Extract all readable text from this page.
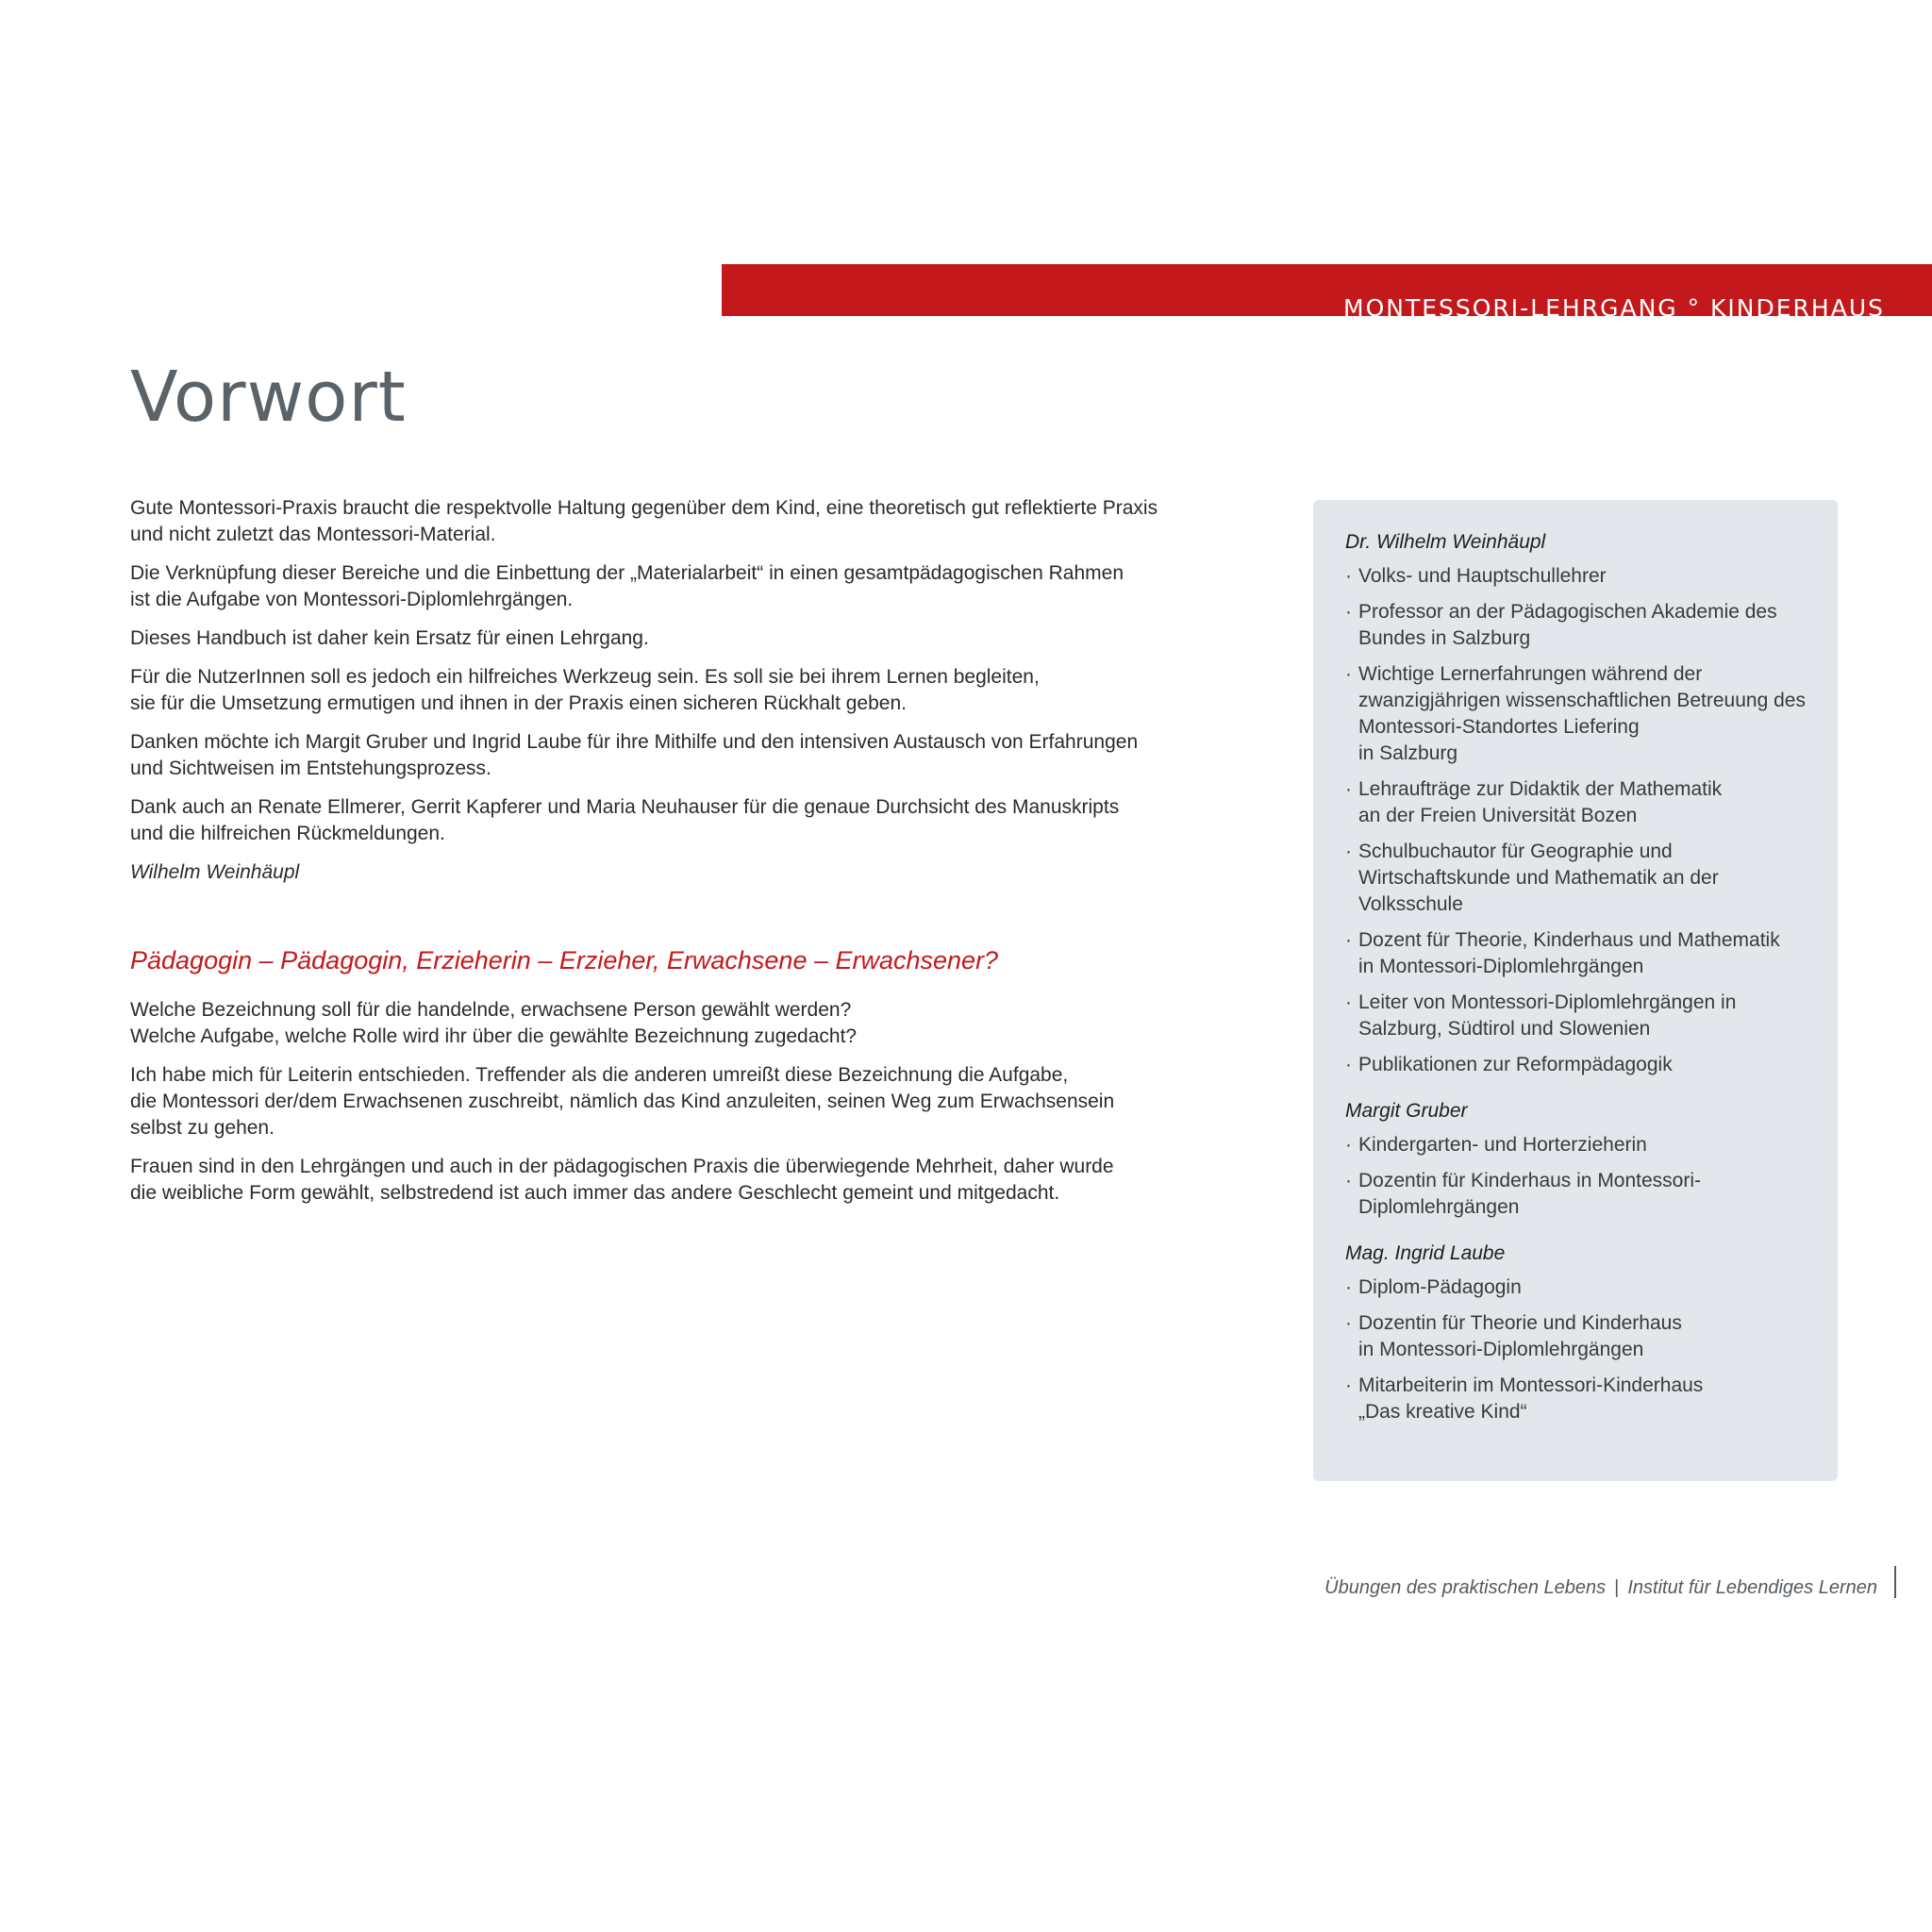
MONTESSORI-LEHRGANG ° KINDERHAUS
Vorwort

Gute Montessori-Praxis braucht die respektvolle Haltung gegenüber dem Kind, eine theoretisch gut reflektierte Praxis
und nicht zuletzt das Montessori-Material.

Die Verknüpfung dieser Bereiche und die Einbettung der „Materialarbeit“ in einen gesamtpädagogischen Rahmen
ist die Aufgabe von Montessori-Diplomlehrgängen.

Dieses Handbuch ist daher kein Ersatz für einen Lehrgang.

Für die NutzerInnen soll es jedoch ein hilfreiches Werkzeug sein. Es soll sie bei ihrem Lernen begleiten,
sie für die Umsetzung ermutigen und ihnen in der Praxis einen sicheren Rückhalt geben.

Danken möchte ich Margit Gruber und Ingrid Laube für ihre Mithilfe und den intensiven Austausch von Erfahrungen
und Sichtweisen im Entstehungsprozess.

Dank auch an Renate Ellmerer, Gerrit Kapferer und Maria Neuhauser für die genaue Durchsicht des Manuskripts
und die hilfreichen Rückmeldungen.

Wilhelm Weinhäupl

Pädagogin – Pädagogin, Erzieherin – Erzieher, Erwachsene – Erwachsener?

Welche Bezeichnung soll für die handelnde, erwachsene Person gewählt werden?
Welche Aufgabe, welche Rolle wird ihr über die gewählte Bezeichnung zugedacht?

Ich habe mich für Leiterin entschieden. Treffender als die anderen umreißt diese Bezeichnung die Aufgabe,
die Montessori der/dem Erwachsenen zuschreibt, nämlich das Kind anzuleiten, seinen Weg zum Erwachsensein
selbst zu gehen.

Frauen sind in den Lehrgängen und auch in der pädagogischen Praxis die überwiegende Mehrheit, daher wurde
die weibliche Form gewählt, selbstredend ist auch immer das andere Geschlecht gemeint und mitgedacht.

Dr. Wilhelm Weinhäupl

· Volks- und Hauptschullehrer
· Professor an der Pädagogischen Akademie des
Bundes in Salzburg
· Wichtige Lernerfahrungen während der
zwanzigjährigen wissenschaftlichen Betreuung des
Montessori-Standortes Liefering
in Salzburg
· Lehraufträge zur Didaktik der Mathematik
an der Freien Universität Bozen
· Schulbuchautor für Geographie und
Wirtschaftskunde und Mathematik an der
Volksschule
· Dozent für Theorie, Kinderhaus und Mathematik
in Montessori-Diplomlehrgängen
· Leiter von Montessori-Diplomlehrgängen in
Salzburg, Südtirol und Slowenien
· Publikationen zur Reformpädagogik

Margit Gruber

· Kindergarten- und Horterzieherin
· Dozentin für Kinderhaus in Montessori-
Diplomlehrgängen

Mag. Ingrid Laube

· Diplom-Pädagogin
· Dozentin für Theorie und Kinderhaus
in Montessori-Diplomlehrgängen
· Mitarbeiterin im Montessori-Kinderhaus
„Das kreative Kind“
Übungen des praktischen Lebens | Institut für Lebendiges Lernen
